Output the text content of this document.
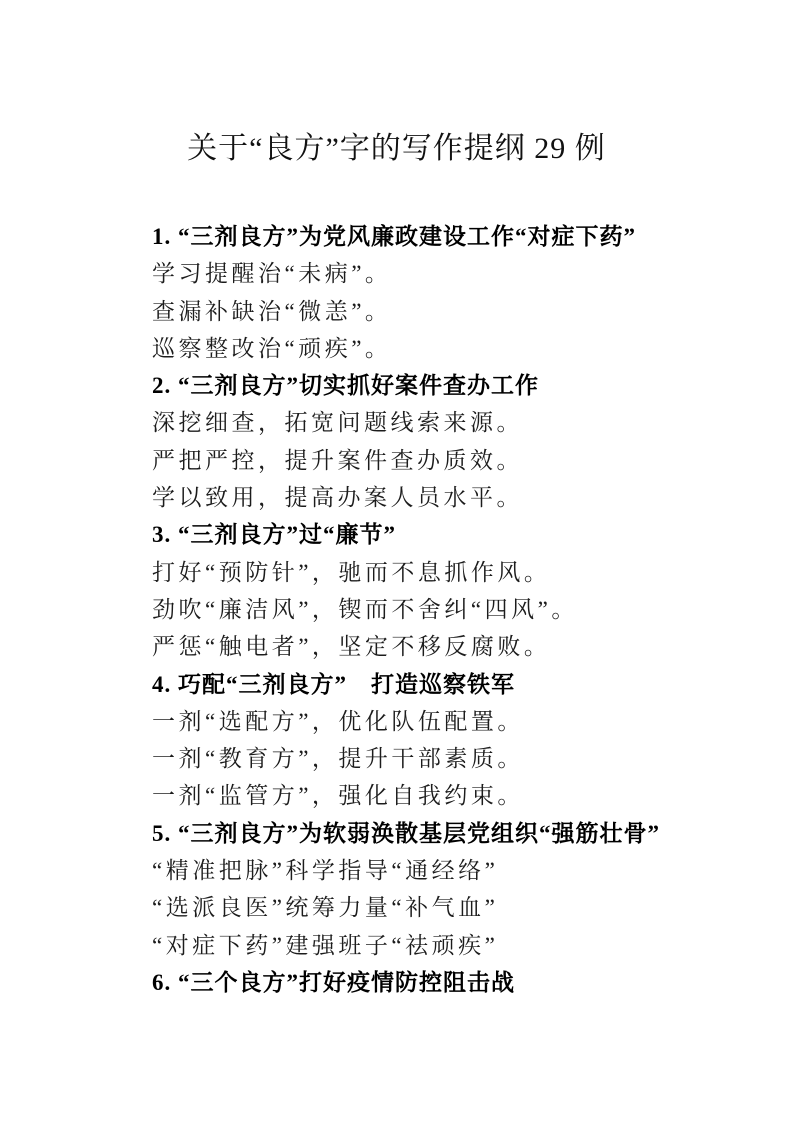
关于“良方”字的写作提纲 29 例

1. “三剂良方”为党风廉政建设工作“对症下药”

学习提醒治“未病”。

查漏补缺治“微恙”。

巡察整改治“顽疾”。

2. “三剂良方”切实抓好案件查办工作

深挖细查，拓宽问题线索来源。

严把严控，提升案件查办质效。

学以致用，提高办案人员水平。

3. “三剂良方”过“廉节”

打好“预防针”，驰而不息抓作风。

劲吹“廉洁风”，锲而不舍纠“四风”。

严惩“触电者”，坚定不移反腐败。

4. 巧配“三剂良方”　打造巡察铁军

一剂“选配方”，优化队伍配置。

一剂“教育方”，提升干部素质。

一剂“监管方”，强化自我约束。

5. “三剂良方”为软弱涣散基层党组织“强筋壮骨”

“精准把脉”科学指导“通经络”

“选派良医”统筹力量“补气血”

“对症下药”建强班子“祛顽疾”

6. “三个良方”打好疫情防控阻击战
